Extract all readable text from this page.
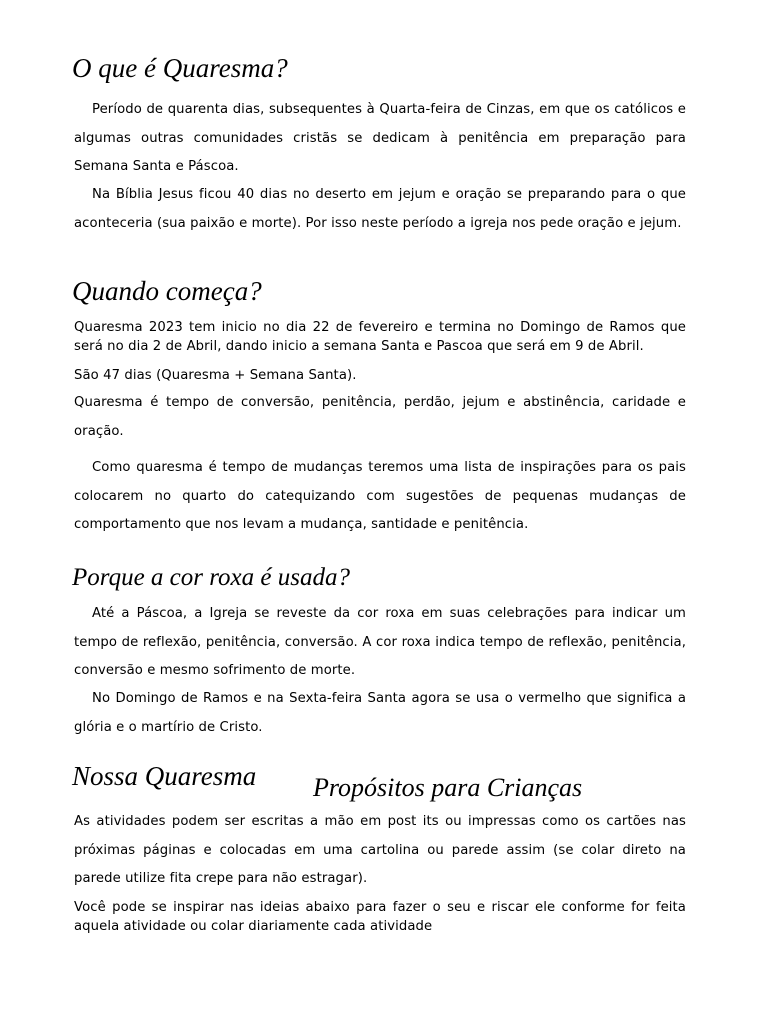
O que é Quaresma?

Período de quarenta dias, subsequentes à Quarta-feira de Cinzas, em que os católicos e algumas outras comunidades cristãs se dedicam à penitência em preparação para Semana Santa e Páscoa.

Na Bíblia Jesus ficou 40 dias no deserto em jejum e oração se preparando para o que aconteceria (sua paixão e morte). Por isso neste período a igreja nos pede oração e jejum.

Quando começa?

Quaresma 2023 tem inicio no dia 22 de fevereiro e termina no Domingo de Ramos que será no dia 2 de Abril, dando inicio a semana Santa e Pascoa que será em 9 de Abril.

São 47 dias (Quaresma + Semana Santa).

Quaresma é tempo de conversão, penitência, perdão, jejum e abstinência, caridade e oração.

Como quaresma é tempo de mudanças teremos uma lista de inspirações para os pais colocarem no quarto do catequizando com sugestões de pequenas mudanças de comportamento que nos levam a mudança, santidade e penitência.

Porque a cor roxa é usada?

Até a Páscoa, a Igreja se reveste da cor roxa em suas celebrações para indicar um tempo de reflexão, penitência, conversão. A cor roxa indica tempo de reflexão, penitência, conversão e mesmo sofrimento de morte.

No Domingo de Ramos e na Sexta-feira Santa agora se usa o vermelho que significa a glória e o martírio de Cristo.

Nossa Quaresma Propósitos para Crianças

As atividades podem ser escritas a mão em post its ou impressas como os cartões nas próximas páginas e colocadas em uma cartolina ou parede assim (se colar direto na parede utilize fita crepe para não estragar).

Você pode se inspirar nas ideias abaixo para fazer o seu e riscar ele conforme for feita aquela atividade ou colar diariamente cada atividade
